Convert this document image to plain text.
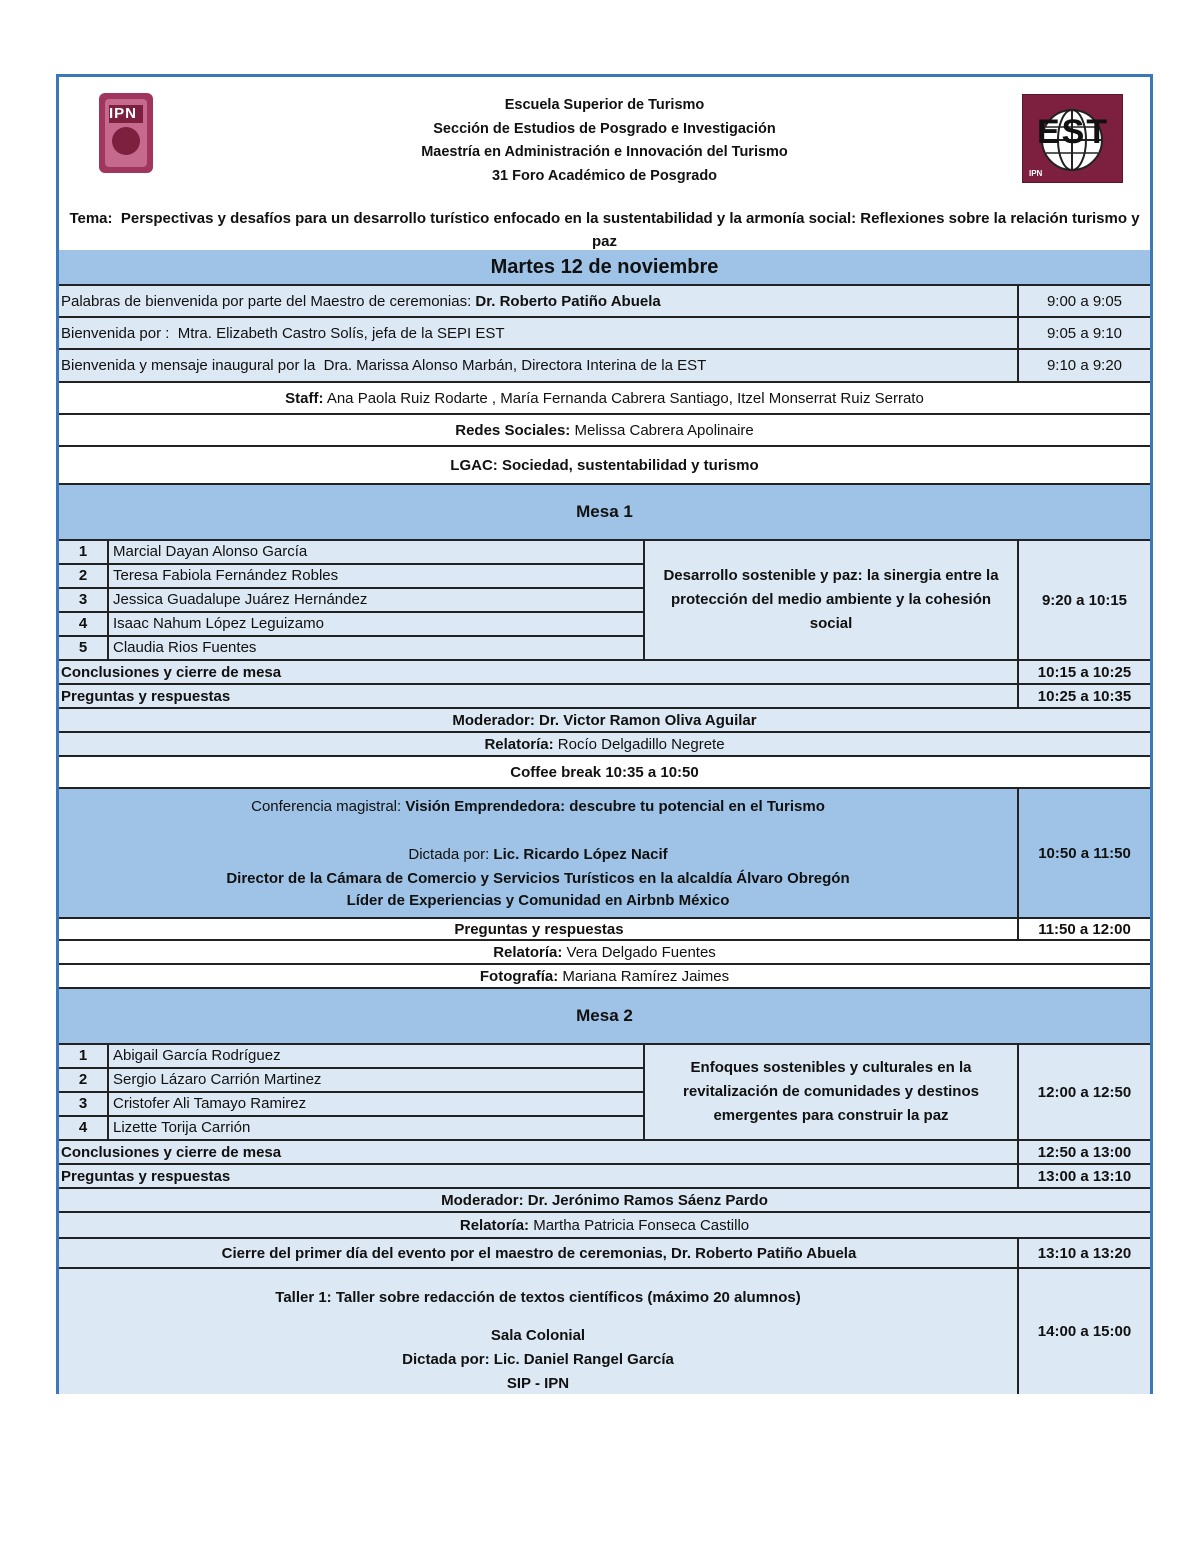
IPN	EST
IPN
Escuela Superior de Turismo
Sección de Estudios de Posgrado e Investigación
Maestría en Administración e Innovación del Turismo
31 Foro Académico de Posgrado
Tema: Perspectivas y desafíos para un desarrollo turístico enfocado en la sustentabilidad y la armonía social: Reflexiones sobre la relación turismo y paz
Martes 12 de noviembre
Palabras de bienvenida por parte del Maestro de ceremonias: Dr. Roberto Patiño Abuela	9:00 a 9:05
Bienvenida por :  Mtra. Elizabeth Castro Solís, jefa de la SEPI EST	9:05 a 9:10
Bienvenida y mensaje inaugural por la  Dra. Marissa Alonso Marbán, Directora Interina de la EST	9:10 a 9:20
Staff: Ana Paola Ruiz Rodarte , María Fernanda Cabrera Santiago, Itzel Monserrat Ruiz Serrato
Redes Sociales: Melissa Cabrera Apolinaire
LGAC: Sociedad, sustentabilidad y turismo
Mesa 1
1	Marcial Dayan Alonso García
2	Teresa Fabiola Fernández Robles
3	Jessica Guadalupe Juárez Hernández
4	Isaac Nahum López Leguizamo
5	Claudia Rios Fuentes
Desarrollo sostenible y paz: la sinergia entre la protección del medio ambiente y la cohesión social
9:20 a 10:15
Conclusiones y cierre de mesa	10:15 a 10:25
Preguntas y respuestas	10:25 a 10:35
Moderador: Dr. Victor Ramon Oliva Aguilar
Relatoría: Rocío Delgadillo Negrete
Coffee break 10:35 a 10:50
Conferencia magistral: Visión Emprendedora: descubre tu potencial en el Turismo
Dictada por: Lic. Ricardo López Nacif
Director de la Cámara de Comercio y Servicios Turísticos en la alcaldía Álvaro Obregón
Líder de Experiencias y Comunidad en Airbnb México
10:50 a 11:50
Preguntas y respuestas	11:50 a 12:00
Relatoría: Vera Delgado Fuentes
Fotografía: Mariana Ramírez Jaimes
Mesa 2
1	Abigail García Rodríguez
2	Sergio Lázaro Carrión Martinez
3	Cristofer Ali Tamayo Ramirez
4	Lizette Torija Carrión
Enfoques sostenibles y culturales en la revitalización de comunidades y destinos emergentes para construir la paz
12:00 a 12:50
Conclusiones y cierre de mesa	12:50 a 13:00
Preguntas y respuestas	13:00 a 13:10
Moderador: Dr. Jerónimo Ramos Sáenz Pardo
Relatoría: Martha Patricia Fonseca Castillo
Cierre del primer día del evento por el maestro de ceremonias, Dr. Roberto Patiño Abuela	13:10 a 13:20
Taller 1: Taller sobre redacción de textos científicos (máximo 20 alumnos)
Sala Colonial
Dictada por: Lic. Daniel Rangel García
SIP - IPN
14:00 a 15:00
